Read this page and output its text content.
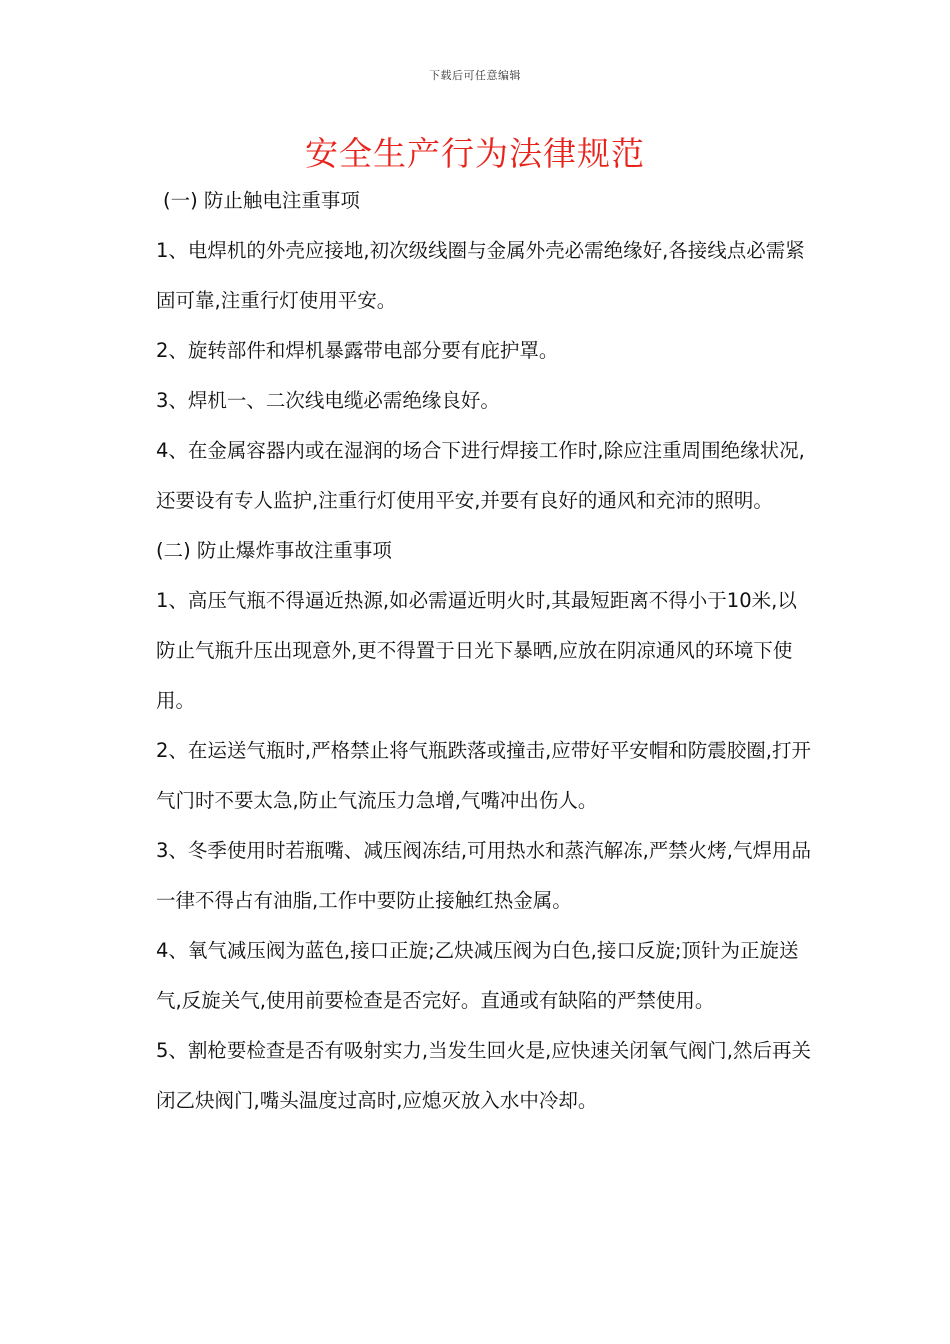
下载后可任意编辑
安全生产行为法律规范

(一) 防止触电注重事项

1、电焊机的外壳应接地,初次级线圈与金属外壳必需绝缘好,各接线点必需紧固可靠,注重行灯使用平安。

2、旋转部件和焊机暴露带电部分要有庇护罩。

3、焊机一、二次线电缆必需绝缘良好。

4、在金属容器内或在湿润的场合下进行焊接工作时,除应注重周围绝缘状况,还要设有专人监护,注重行灯使用平安,并要有良好的通风和充沛的照明。

(二) 防止爆炸事故注重事项

1、高压气瓶不得逼近热源,如必需逼近明火时,其最短距离不得小于10米,以防止气瓶升压出现意外,更不得置于日光下暴晒,应放在阴凉通风的环境下使用。

2、在运送气瓶时,严格禁止将气瓶跌落或撞击,应带好平安帽和防震胶圈,打开气门时不要太急,防止气流压力急增,气嘴冲出伤人。

3、冬季使用时若瓶嘴、减压阀冻结,可用热水和蒸汽解冻,严禁火烤,气焊用品一律不得占有油脂,工作中要防止接触红热金属。

4、氧气减压阀为蓝色,接口正旋;乙炔减压阀为白色,接口反旋;顶针为正旋送气,反旋关气,使用前要检查是否完好。直通或有缺陷的严禁使用。

5、割枪要检查是否有吸射实力,当发生回火是,应快速关闭氧气阀门,然后再关闭乙炔阀门,嘴头温度过高时,应熄灭放入水中冷却。
